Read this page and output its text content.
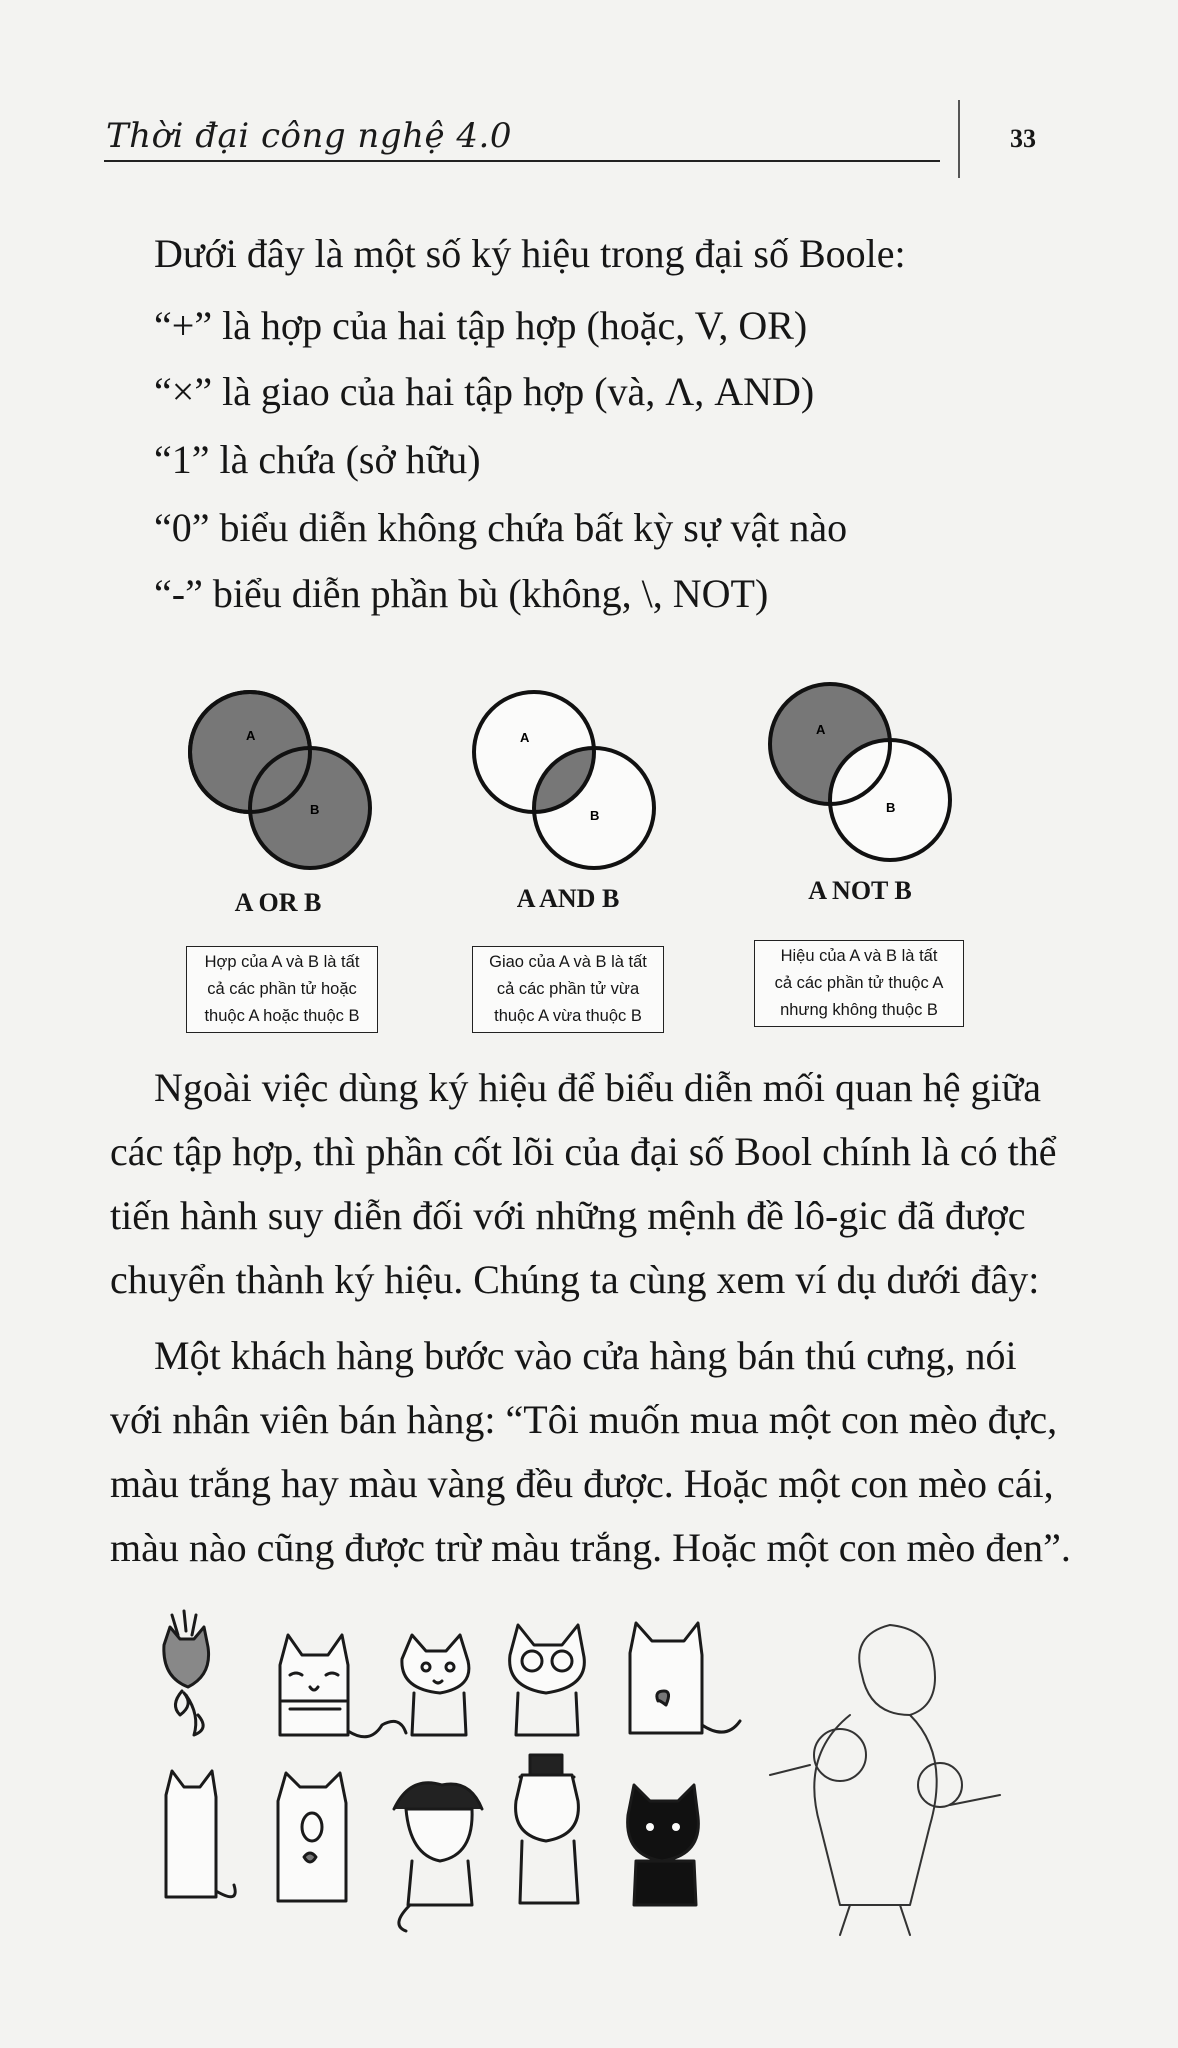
Thời đại công nghệ 4.0	33
Dưới đây là một số ký hiệu trong đại số Boole:
“+” là hợp của hai tập hợp (hoặc, V, OR)
“×” là giao của hai tập hợp (và, Λ, AND)
“1” là chứa (sở hữu)
“0” biểu diễn không chứa bất kỳ sự vật nào
“-” biểu diễn phần bù (không, \, NOT)
A
B
A
B
A
B
A OR B	A AND B	A NOT B
Hợp của A và B là tất
cả các phần tử hoặc
thuộc A hoặc thuộc B
Giao của A và B là tất
cả các phần tử vừa
thuộc A vừa thuộc B
Hiệu của A và B là tất
cả các phần tử thuộc A
nhưng không thuộc B
Ngoài việc dùng ký hiệu để biểu diễn mối quan hệ giữa
các tập hợp, thì phần cốt lõi của đại số Bool chính là có thể
tiến hành suy diễn đối với những mệnh đề lô-gic đã được
chuyển thành ký hiệu. Chúng ta cùng xem ví dụ dưới đây:
Một khách hàng bước vào cửa hàng bán thú cưng, nói
với nhân viên bán hàng: “Tôi muốn mua một con mèo đực,
màu trắng hay màu vàng đều được. Hoặc một con mèo cái,
màu nào cũng được trừ màu trắng. Hoặc một con mèo đen”.
